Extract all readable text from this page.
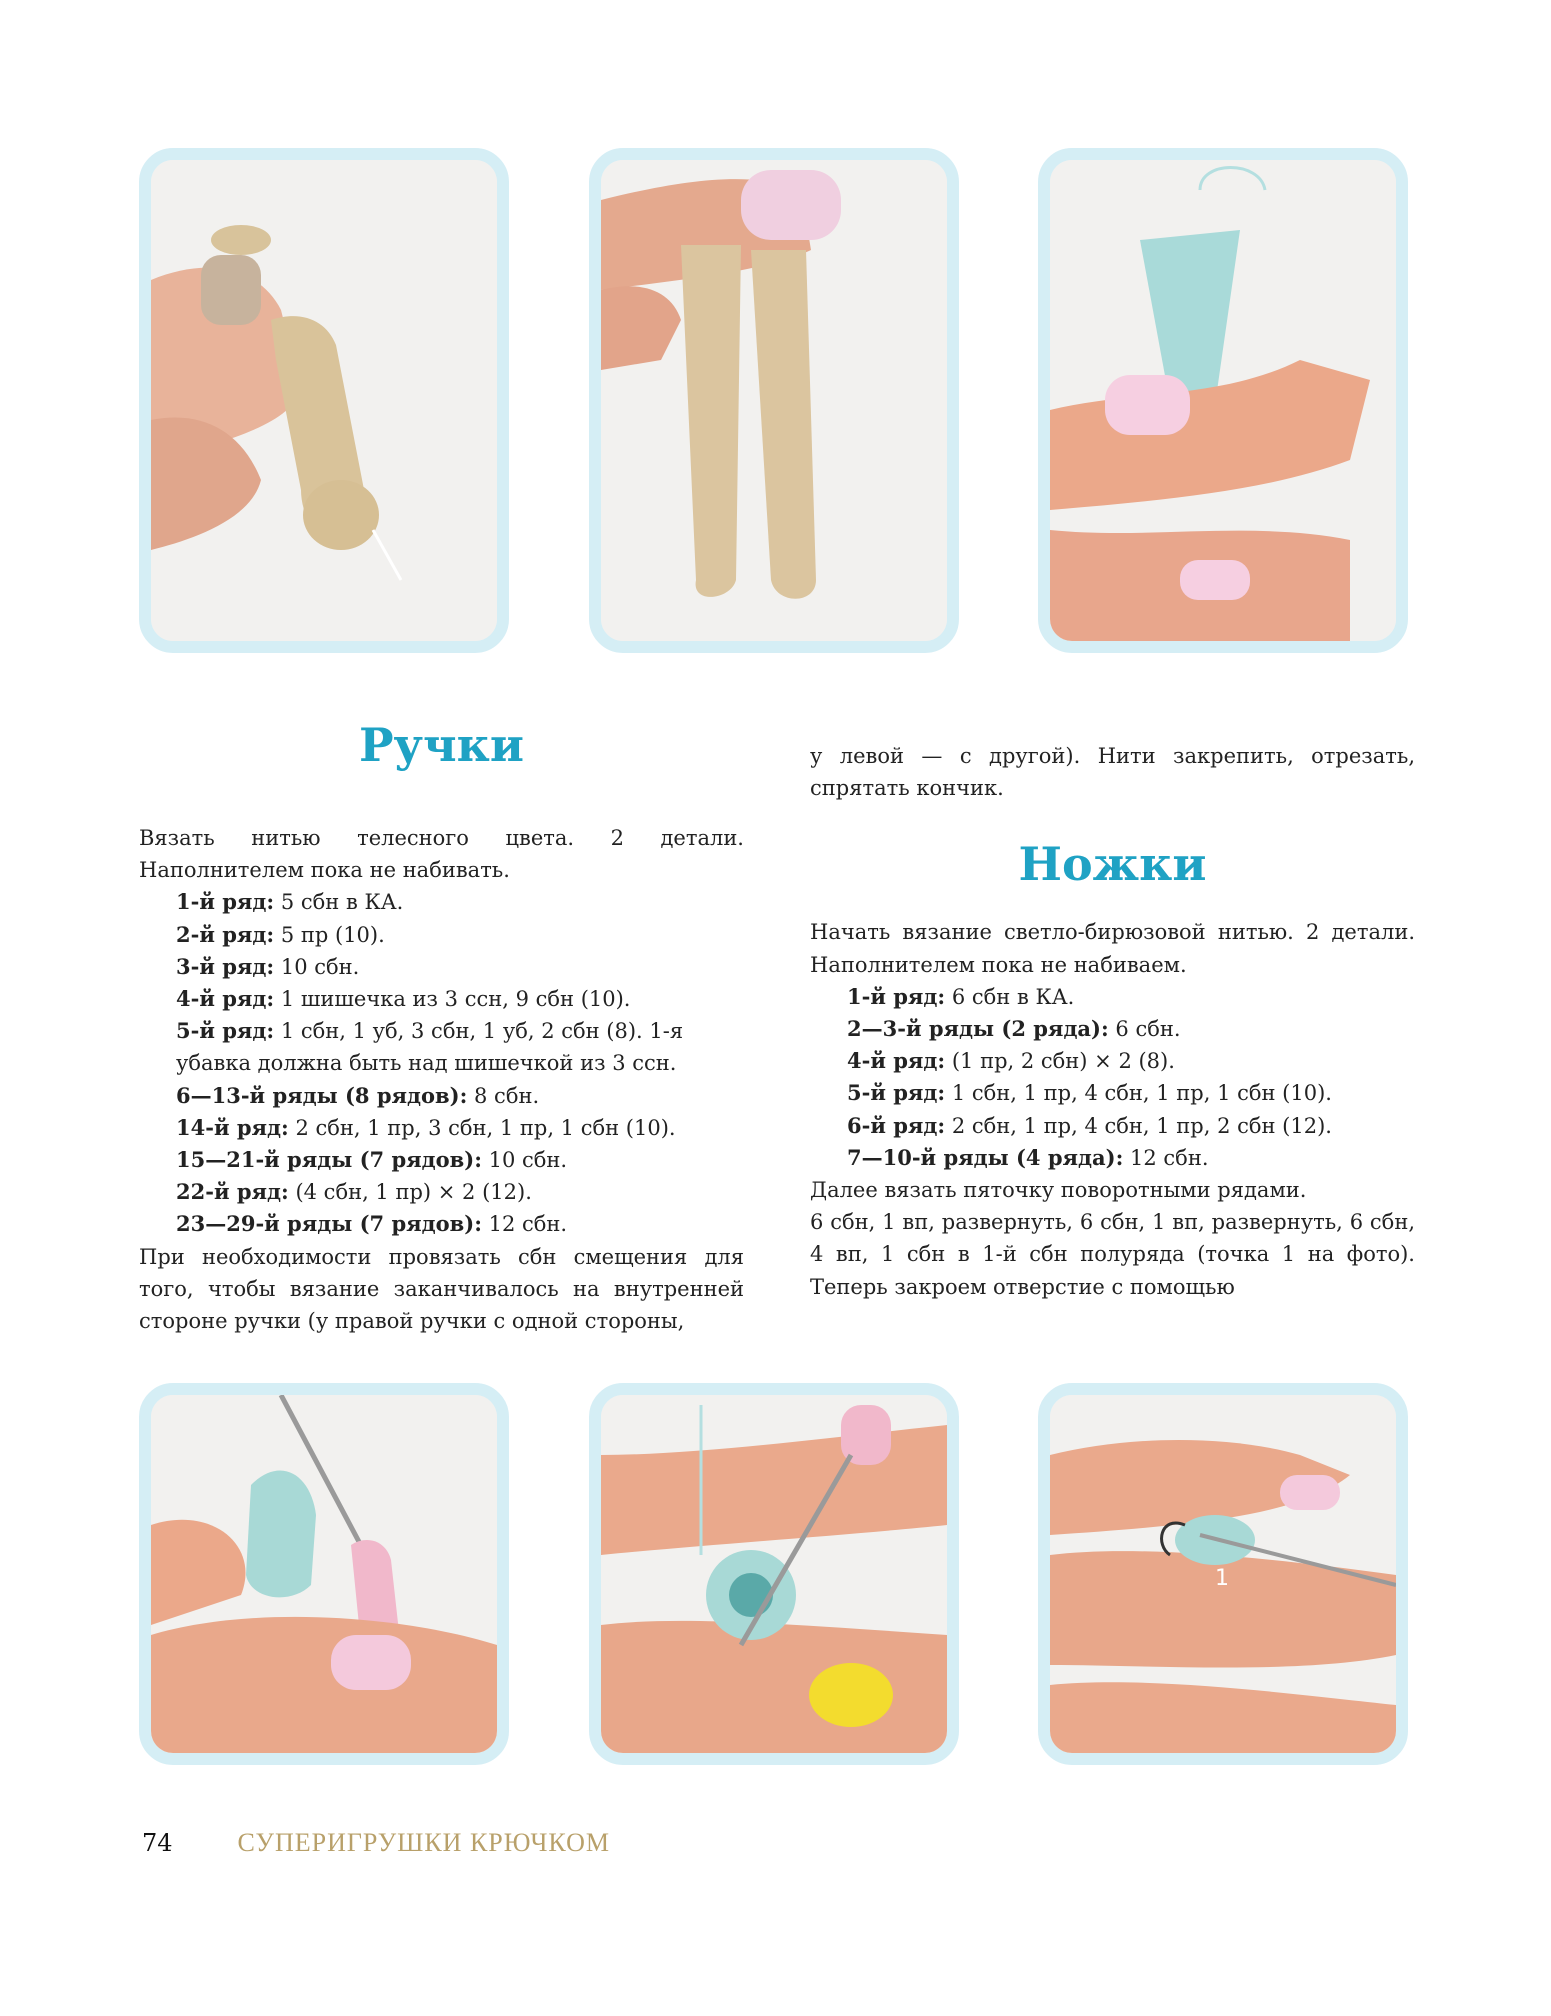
Ручки

Вязать нитью телесного цвета. 2 детали. Наполнителем пока не набивать.

1-й ряд: 5 сбн в КА.

2-й ряд: 5 пр (10).

3-й ряд: 10 сбн.

4-й ряд: 1 шишечка из 3 ссн, 9 сбн (10).

5-й ряд: 1 сбн, 1 уб, 3 сбн, 1 уб, 2 сбн (8). 1-я убавка должна быть над шишечкой из 3 ссн.

6—13-й ряды (8 рядов): 8 сбн.

14-й ряд: 2 сбн, 1 пр, 3 сбн, 1 пр, 1 сбн (10).

15—21-й ряды (7 рядов): 10 сбн.

22-й ряд: (4 сбн, 1 пр) × 2 (12).

23—29-й ряды (7 рядов): 12 сбн.

При необходимости провязать сбн смещения для того, чтобы вязание заканчивалось на внутренней стороне ручки (у правой ручки с одной стороны,

у левой — с другой). Нити закрепить, отрезать, спрятать кончик.

Ножки

Начать вязание светло-бирюзовой нитью. 2 детали. Наполнителем пока не набиваем.

1-й ряд: 6 сбн в КА.

2—3-й ряды (2 ряда): 6 сбн.

4-й ряд: (1 пр, 2 сбн) × 2 (8).

5-й ряд: 1 сбн, 1 пр, 4 сбн, 1 пр, 1 сбн (10).

6-й ряд: 2 сбн, 1 пр, 4 сбн, 1 пр, 2 сбн (12).

7—10-й ряды (4 ряда): 12 сбн.

Далее вязать пяточку поворотными рядами.

6 сбн, 1 вп, развернуть, 6 сбн, 1 вп, развернуть, 6 сбн, 4 вп, 1 сбн в 1-й сбн полуряда (точка 1 на фото). Теперь закроем отверстие с помощью

1
74	СУПЕРИГРУШКИ КРЮЧКОМ
